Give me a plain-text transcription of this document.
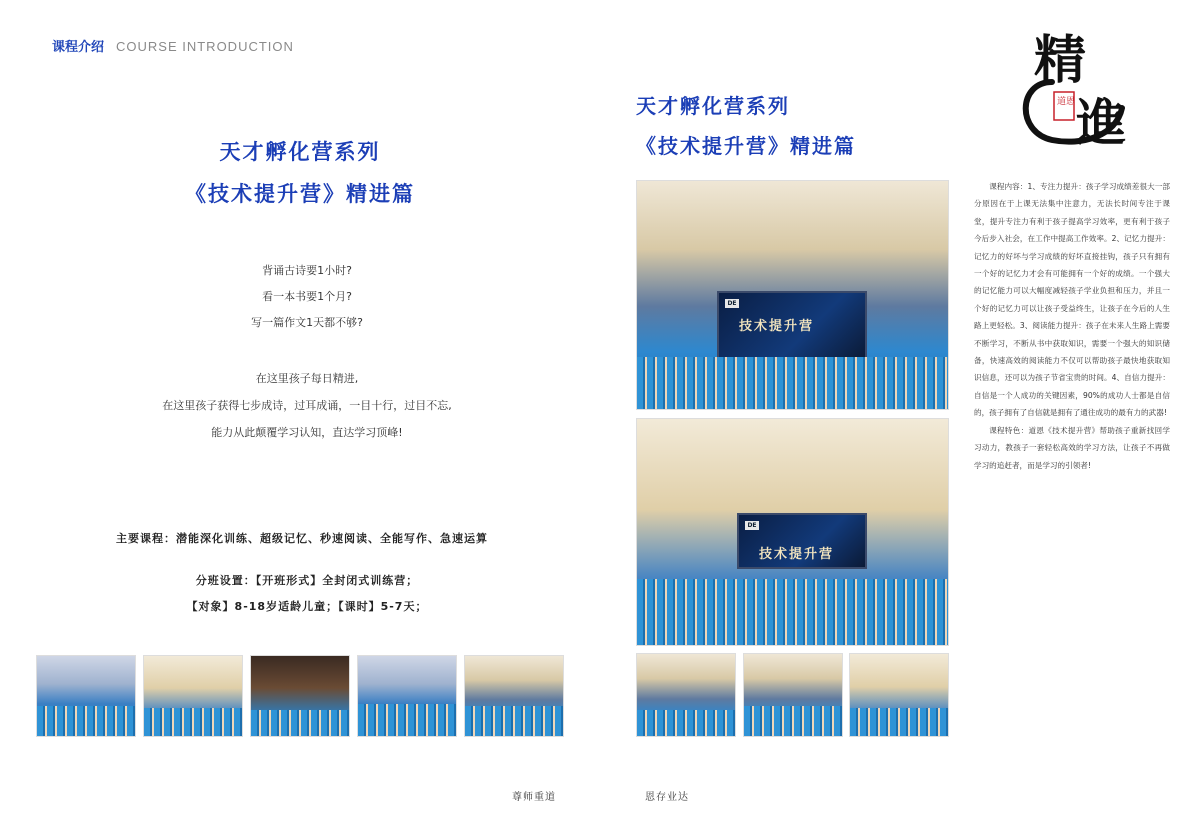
课程介绍 COURSE INTRODUCTION
天才孵化营系列
《技术提升营》精进篇
背诵古诗要1小时?
看一本书要1个月?
写一篇作文1天都不够?
在这里孩子每日精进,
在这里孩子获得七步成诗，过耳成诵，一目十行，过目不忘,
能力从此颠覆学习认知，直达学习顶峰!
主要课程：潜能深化训练、超级记忆、秒速阅读、全能写作、急速运算
分班设置：【开班形式】全封闭式训练营；
【对象】8-18岁适龄儿童；【课时】5-7天；
天才孵化营系列
《技术提升营》精进篇
精
進
道恩
DE
技术提升营
DE
技术提升营

课程内容：1、专注力提升：孩子学习成绩差很大一部分原因在于上课无法集中注意力，无法长时间专注于课堂，提升专注力有利于孩子提高学习效率，更有利于孩子今后步入社会，在工作中提高工作效率。2、记忆力提升：记忆力的好坏与学习成绩的好坏直接挂钩，孩子只有拥有一个好的记忆力才会有可能拥有一个好的成绩。一个强大的记忆能力可以大幅度减轻孩子学业负担和压力，并且一个好的记忆力可以让孩子受益终生，让孩子在今后的人生路上更轻松。3、阅读能力提升：孩子在未来人生路上需要不断学习，不断从书中获取知识，需要一个强大的知识储备，快速高效的阅读能力不仅可以帮助孩子最快地获取知识信息，还可以为孩子节省宝贵的时间。4、自信力提升：自信是一个人成功的关键因素，90%的成功人士都是自信的，孩子拥有了自信就是拥有了通往成功的最有力的武器!

课程特色：道恩《技术提升营》帮助孩子重新找回学习动力，教孩子一套轻松高效的学习方法，让孩子不再做学习的追赶者，而是学习的引领者!

尊师重道	恩存业达
